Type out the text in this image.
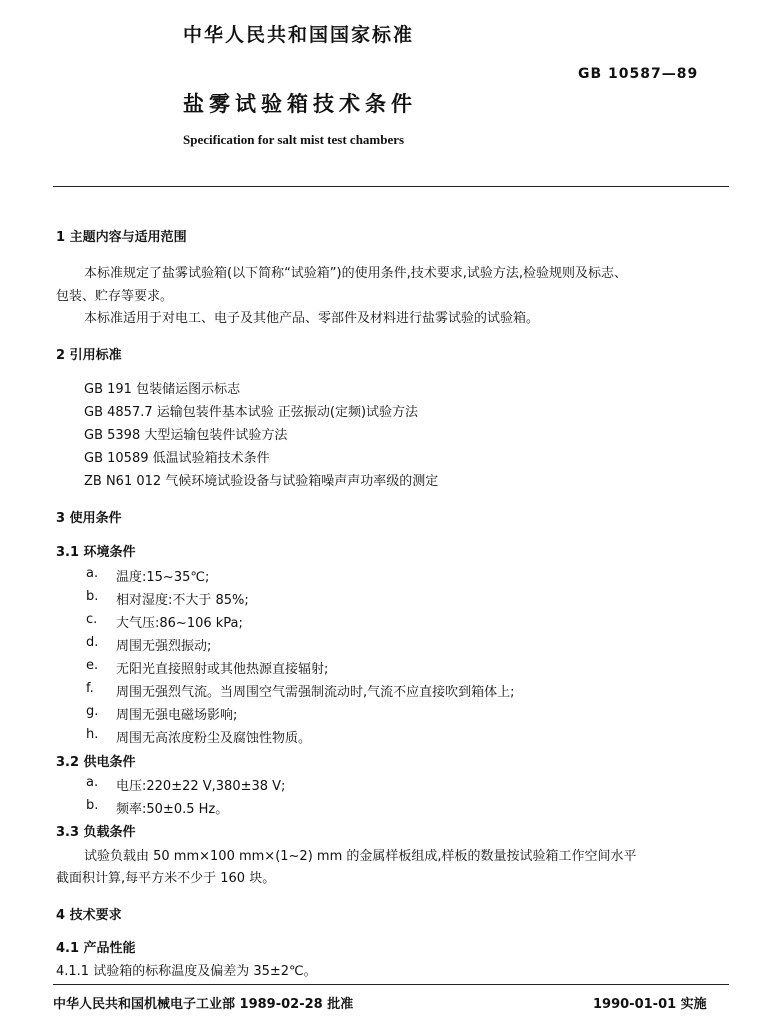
中华人民共和国国家标准
GB 10587—89
盐雾试验箱技术条件
Specification for salt mist test chambers
1 主题内容与适用范围
本标准规定了盐雾试验箱(以下简称“试验箱”)的使用条件,技术要求,试验方法,检验规则及标志、
包装、贮存等要求。
本标准适用于对电工、电子及其他产品、零部件及材料进行盐雾试验的试验箱。
2 引用标准
GB 191 包装储运图示标志
GB 4857.7 运输包装件基本试验 正弦振动(定频)试验方法
GB 5398 大型运输包装件试验方法
GB 10589 低温试验箱技术条件
ZB N61 012 气候环境试验设备与试验箱噪声声功率级的测定
3 使用条件
3.1 环境条件
a. 温度:15~35℃;
b. 相对湿度:不大于 85%;
c. 大气压:86~106 kPa;
d. 周围无强烈振动;
e. 无阳光直接照射或其他热源直接辐射;
f. 周围无强烈气流。当周围空气需强制流动时,气流不应直接吹到箱体上;
g. 周围无强电磁场影响;
h. 周围无高浓度粉尘及腐蚀性物质。
3.2 供电条件
a. 电压:220±22 V,380±38 V;
b. 频率:50±0.5 Hz。
3.3 负载条件
试验负载由 50 mm×100 mm×(1~2) mm 的金属样板组成,样板的数量按试验箱工作空间水平
截面积计算,每平方米不少于 160 块。
4 技术要求
4.1 产品性能
4.1.1 试验箱的标称温度及偏差为 35±2℃。
中华人民共和国机械电子工业部 1989-02-28 批准	1990-01-01 实施
